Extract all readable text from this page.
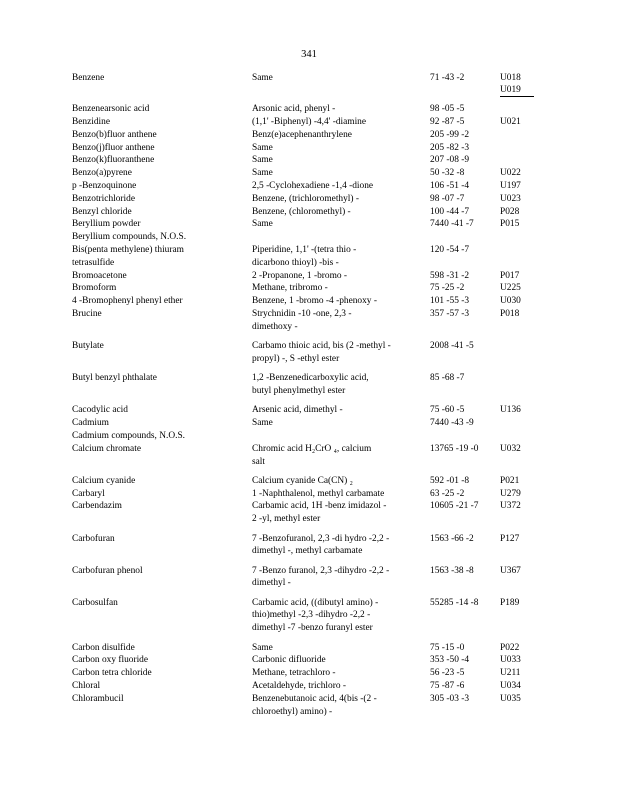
341
Benzene	Same	71 -43 -2	U018
U019

Benzenearsonic acid	Arsonic acid, phenyl -	98 -05 -5	

Benzidine	(1,1' -Biphenyl) -4,4' -diamine	92 -87 -5	U021

Benzo(b)fluor anthene	Benz(e)acephenanthrylene	205 -99 -2	

Benzo(j)fluor anthene	Same	205 -82 -3	

Benzo(k)fluoranthene	Same	207 -08 -9	

Benzo(a)pyrene	Same	50 -32 -8	U022

p -Benzoquinone	2,5 -Cyclohexadiene -1,4 -dione	106 -51 -4	U197

Benzotrichloride	Benzene, (trichloromethyl) -	98 -07 -7	U023

Benzyl chloride	Benzene, (chloromethyl) -	100 -44 -7	P028

Beryllium powder	Same	7440 -41 -7	P015

Beryllium compounds, N.O.S.			

Bis(penta methylene) thiuram
tetrasulfide	Piperidine, 1,1' -(tetra thio -
dicarbono thioyl) -bis -	120 -54 -7	

Bromoacetone	2 -Propanone, 1 -bromo -	598 -31 -2	P017

Bromoform	Methane, tribromo -	75 -25 -2	U225

4 -Bromophenyl phenyl ether	Benzene, 1 -bromo -4 -phenoxy -	101 -55 -3	U030

Brucine	Strychnidin -10 -one, 2,3 -
dimethoxy -	357 -57 -3	P018

Butylate	Carbamo thioic acid, bis (2 -methyl -
propyl) -, S -ethyl ester	2008 -41 -5	

Butyl benzyl phthalate	1,2 -Benzenedicarboxylic acid,
butyl phenylmethyl ester	85 -68 -7	

Cacodylic acid	Arsenic acid, dimethyl -	75 -60 -5	U136

Cadmium	Same	7440 -43 -9	

Cadmium compounds, N.O.S.			

Calcium chromate	Chromic acid H₂CrO ₄, calcium
salt	13765 -19 -0	U032

Calcium cyanide	Calcium cyanide Ca(CN) ₂	592 -01 -8	P021

Carbaryl	1 -Naphthalenol, methyl carbamate	63 -25 -2	U279

Carbendazim	Carbamic acid, 1H -benz imidazol -
2 -yl, methyl ester	10605 -21 -7	U372

Carbofuran	7 -Benzofuranol, 2,3 -di hydro -2,2 -
dimethyl -, methyl carbamate	1563 -66 -2	P127

Carbofuran phenol	7 -Benzo furanol, 2,3 -dihydro -2,2 -
dimethyl -	1563 -38 -8	U367

Carbosulfan	Carbamic acid, ((dibutyl amino) -
thio)methyl -2,3 -dihydro -2,2 -
dimethyl -7 -benzo furanyl ester	55285 -14 -8	P189

Carbon disulfide	Same	75 -15 -0	P022

Carbon oxy fluoride	Carbonic difluoride	353 -50 -4	U033

Carbon tetra chloride	Methane, tetrachloro -	56 -23 -5	U211

Chloral	Acetaldehyde, trichloro -	75 -87 -6	U034

Chlorambucil	Benzenebutanoic acid, 4(bis -(2 -
chloroethyl) amino) -	305 -03 -3	U035
